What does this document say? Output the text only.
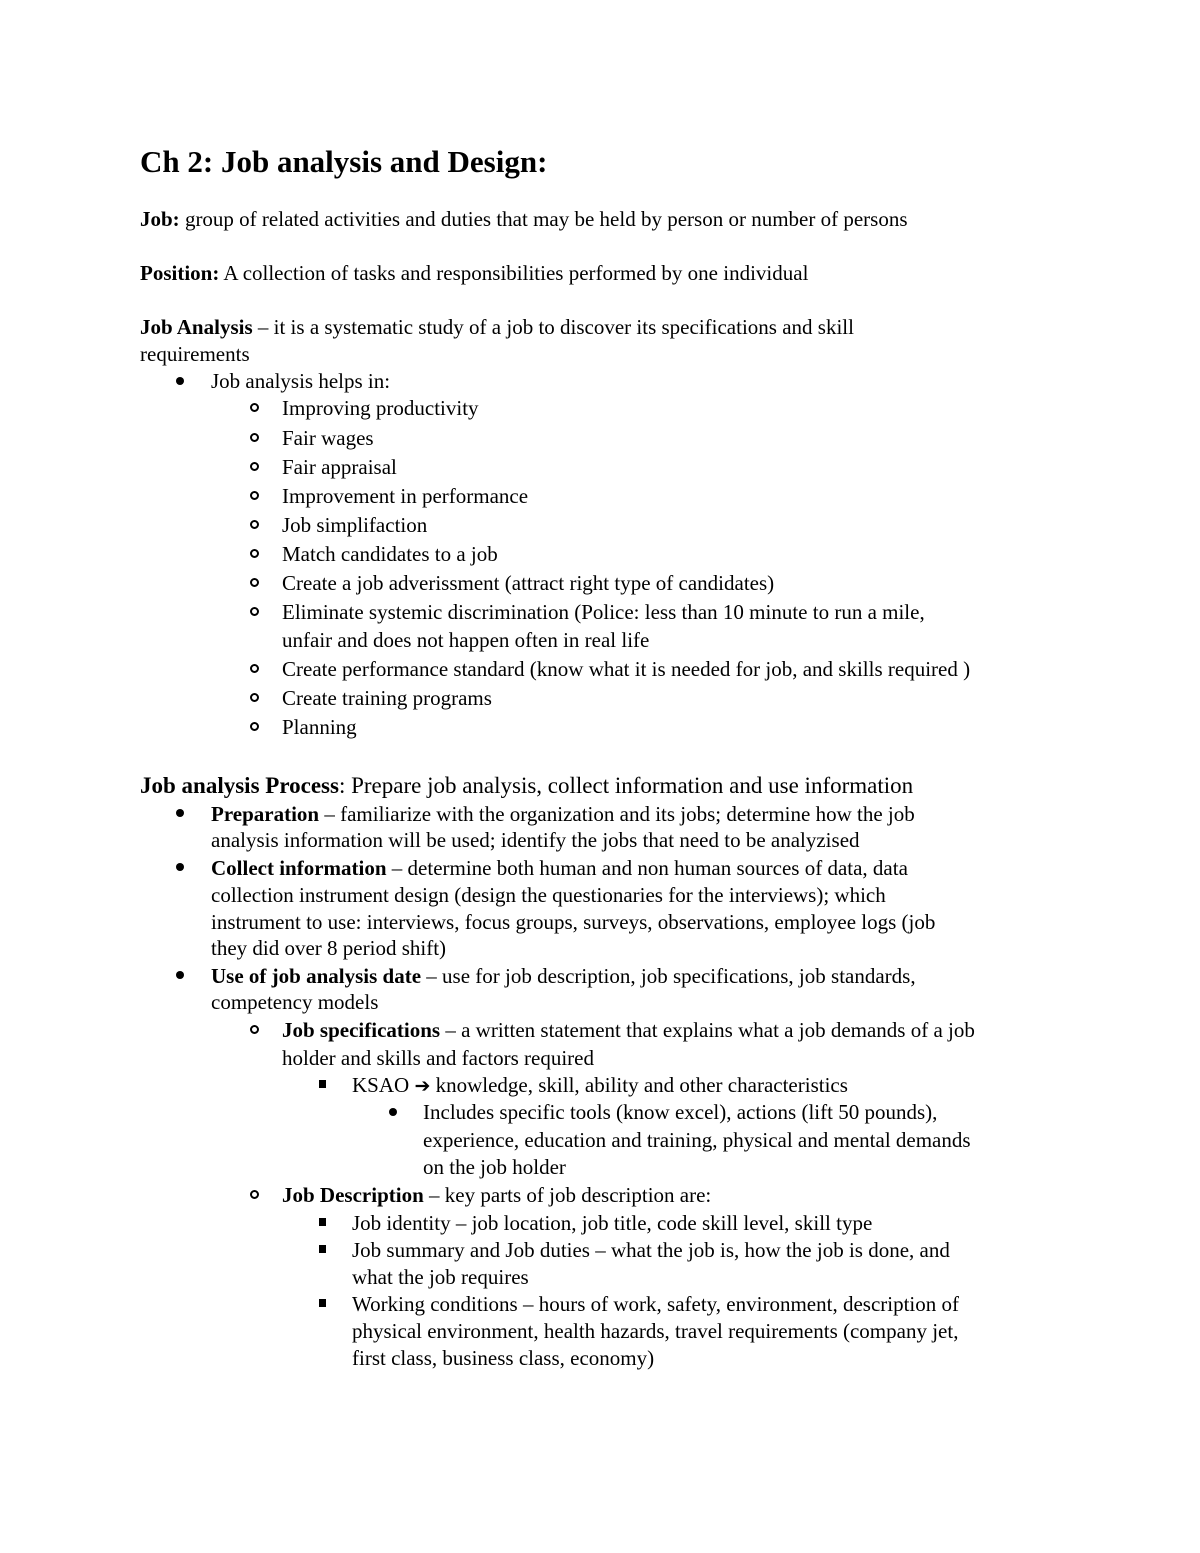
Ch 2: Job analysis and Design:
Job: group of related activities and duties that may be held by person or number of persons
Position: A collection of tasks and responsibilities performed by one individual
Job Analysis – it is a systematic study of a job to discover its specifications and skill
requirements
Job analysis helps in:
Improving productivity
Fair wages
Fair appraisal
Improvement in performance
Job simplifaction
Match candidates to a job
Create a job adverissment (attract right type of candidates)
Eliminate systemic discrimination (Police: less than 10 minute to run a mile,
unfair and does not happen often in real life
Create performance standard (know what it is needed for job, and skills required )
Create training programs
Planning
Job analysis Process: Prepare job analysis, collect information and use information
Preparation – familiarize with the organization and its jobs; determine how the job
analysis information will be used; identify the jobs that need to be analyzised
Collect information – determine both human and non human sources of data, data
collection instrument design (design the questionaries for the interviews); which
instrument to use: interviews, focus groups, surveys, observations, employee logs (job
they did over 8 period shift)
Use of job analysis date – use for job description, job specifications, job standards,
competency models
Job specifications – a written statement that explains what a job demands of a job
holder and skills and factors required
KSAO ➔ knowledge, skill, ability and other characteristics
Includes specific tools (know excel), actions (lift 50 pounds),
experience, education and training, physical and mental demands
on the job holder
Job Description – key parts of job description are:
Job identity – job location, job title, code skill level, skill type
Job summary and Job duties – what the job is, how the job is done, and
what the job requires
Working conditions – hours of work, safety, environment, description of
physical environment, health hazards, travel requirements (company jet,
first class, business class, economy)
